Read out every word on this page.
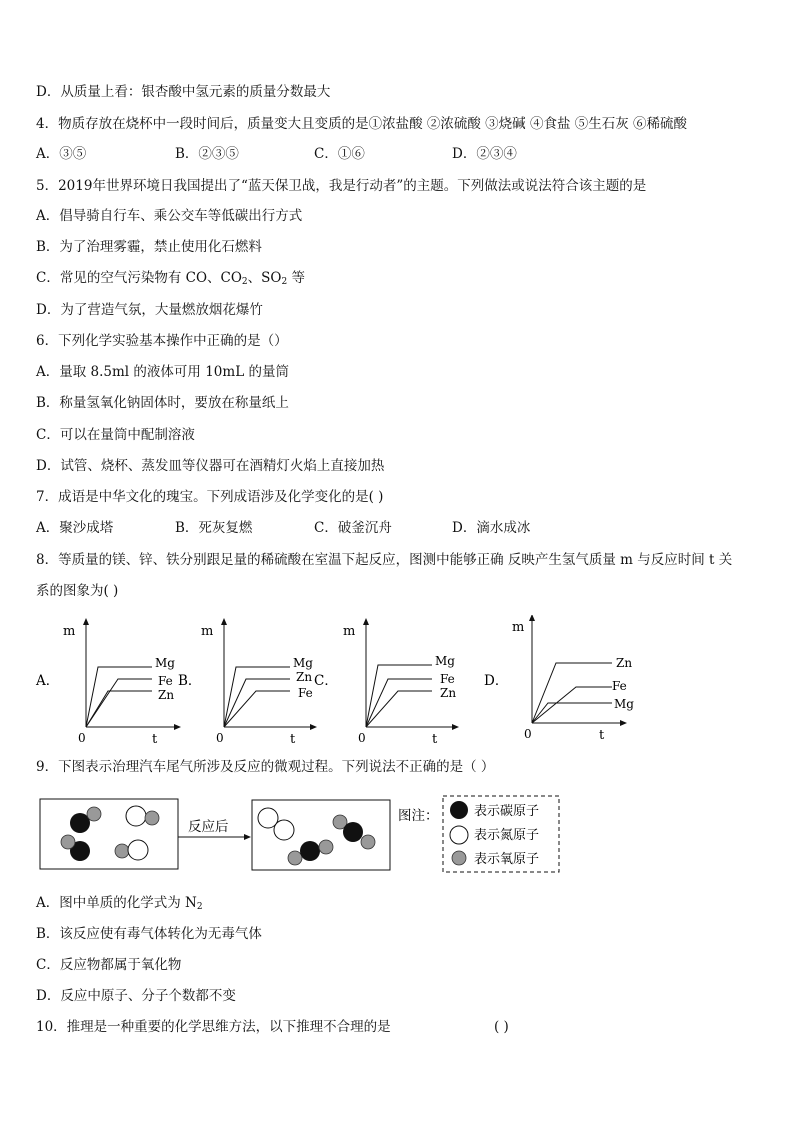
D．从质量上看：银杏酸中氢元素的质量分数最大
4．物质存放在烧杯中一段时间后，质量变大且变质的是①浓盐酸 ②浓硫酸 ③烧碱 ④食盐 ⑤生石灰 ⑥稀硫酸
A．③⑤	B．②③⑤	C．①⑥	D．②③④
5．2019年世界环境日我国提出了“蓝天保卫战，我是行动者”的主题。下列做法或说法符合该主题的是
A．倡导骑自行车、乘公交车等低碳出行方式
B．为了治理雾霾，禁止使用化石燃料
C．常见的空气污染物有 CO、$CO_2$、$SO_2$ 等
D．为了营造气氛，大量燃放烟花爆竹
6．下列化学实验基本操作中正确的是（）
A．量取 8.5ml 的液体可用 10mL 的量筒
B．称量氢氧化钠固体时，要放在称量纸上
C．可以在量筒中配制溶液
D．试管、烧杯、蒸发皿等仪器可在酒精灯火焰上直接加热
7．成语是中华文化的瑰宝。下列成语涉及化学变化的是( )
A．聚沙成塔	B．死灰复燃	C．破釜沉舟	D．滴水成冰
8．等质量的镁、锌、铁分别跟足量的稀硫酸在室温下起反应，图测中能够正确 反映产生氢气质量 m 与反应时间 t 关
系的图象为( )
A．
m
t
0
Mg
Fe
Zn
B．
m
t
0
Mg
Zn
Fe
C．
m
t
0
Mg
Fe
Zn
D．
m
t
0
Zn
Fe
Mg
9．下图表示治理汽车尾气所涉及反应的微观过程。下列说法不正确的是（ ）
反应后
图注：	表示碳原子
表示氮原子
表示氧原子
A．图中单质的化学式为 $N_2$
B．该反应使有毒气体转化为无毒气体
C．反应物都属于氧化物
D．反应中原子、分子个数都不变
10．推理是一种重要的化学思维方法，以下推理不合理的是	( )
